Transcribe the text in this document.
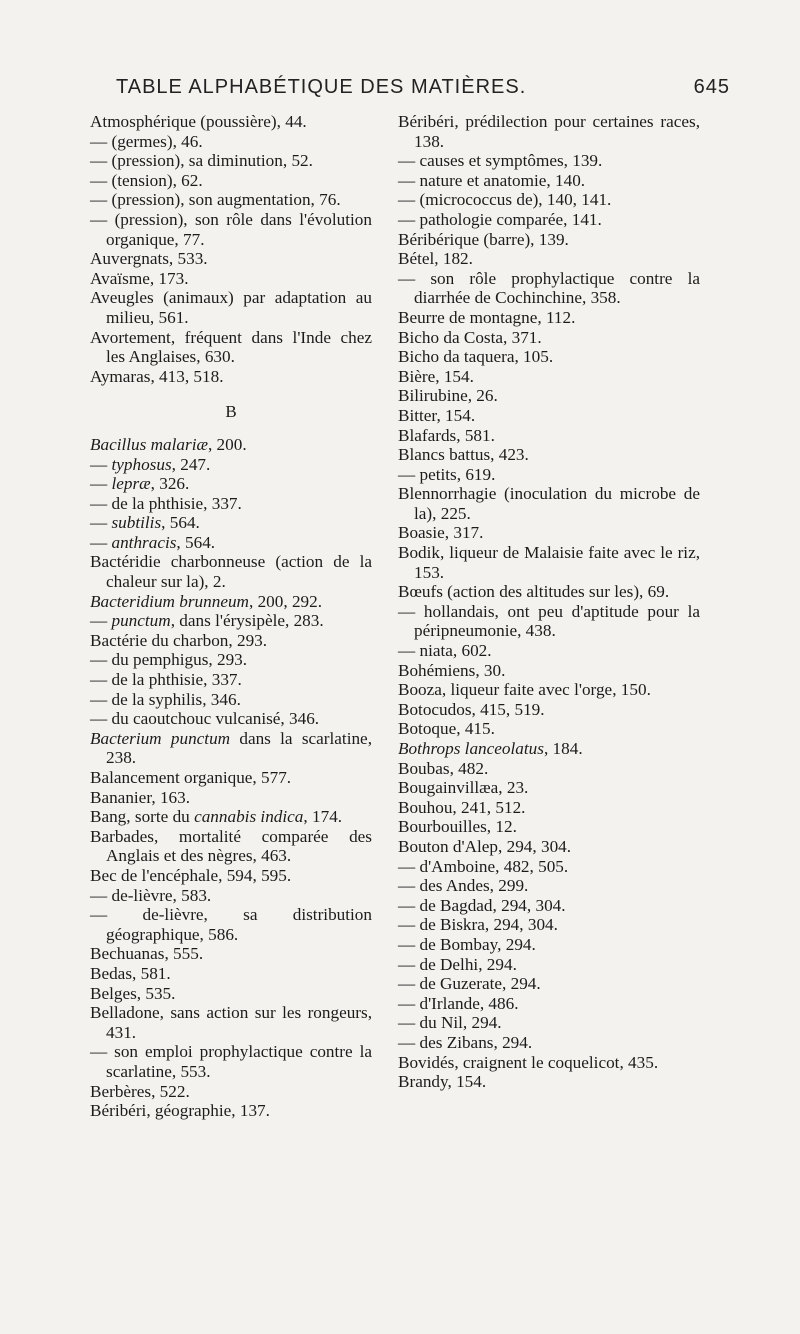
TABLE ALPHABÉTIQUE DES MATIÈRES.	645

Atmosphérique (poussière), 44.

— (germes), 46.

— (pression), sa diminution, 52.

— (tension), 62.

— (pression), son augmentation, 76.

— (pression), son rôle dans l'évolution organique, 77.

Auvergnats, 533.

Avaïsme, 173.

Aveugles (animaux) par adaptation au milieu, 561.

Avortement, fréquent dans l'Inde chez les Anglaises, 630.

Aymaras, 413, 518.

B

Bacillus malariæ, 200.

— typhosus, 247.

— lepræ, 326.

— de la phthisie, 337.

— subtilis, 564.

— anthracis, 564.

Bactéridie charbonneuse (action de la chaleur sur la), 2.

Bacteridium brunneum, 200, 292.

— punctum, dans l'érysipèle, 283.

Bactérie du charbon, 293.

— du pemphigus, 293.

— de la phthisie, 337.

— de la syphilis, 346.

— du caoutchouc vulcanisé, 346.

Bacterium punctum dans la scarlatine, 238.

Balancement organique, 577.

Bananier, 163.

Bang, sorte du cannabis indica, 174.

Barbades, mortalité comparée des Anglais et des nègres, 463.

Bec de l'encéphale, 594, 595.

— de-lièvre, 583.

— de-lièvre, sa distribution géographique, 586.

Bechuanas, 555.

Bedas, 581.

Belges, 535.

Belladone, sans action sur les rongeurs, 431.

— son emploi prophylactique contre la scarlatine, 553.

Berbères, 522.

Béribéri, géographie, 137.

Béribéri, prédilection pour certaines races, 138.

— causes et symptômes, 139.

— nature et anatomie, 140.

— (micrococcus de), 140, 141.

— pathologie comparée, 141.

Béribérique (barre), 139.

Bétel, 182.

— son rôle prophylactique contre la diarrhée de Cochinchine, 358.

Beurre de montagne, 112.

Bicho da Costa, 371.

Bicho da taquera, 105.

Bière, 154.

Bilirubine, 26.

Bitter, 154.

Blafards, 581.

Blancs battus, 423.

— petits, 619.

Blennorrhagie (inoculation du microbe de la), 225.

Boasie, 317.

Bodik, liqueur de Malaisie faite avec le riz, 153.

Bœufs (action des altitudes sur les), 69.

— hollandais, ont peu d'aptitude pour la péripneumonie, 438.

— niata, 602.

Bohémiens, 30.

Booza, liqueur faite avec l'orge, 150.

Botocudos, 415, 519.

Botoque, 415.

Bothrops lanceolatus, 184.

Boubas, 482.

Bougainvillæa, 23.

Bouhou, 241, 512.

Bourbouilles, 12.

Bouton d'Alep, 294, 304.

— d'Amboine, 482, 505.

— des Andes, 299.

— de Bagdad, 294, 304.

— de Biskra, 294, 304.

— de Bombay, 294.

— de Delhi, 294.

— de Guzerate, 294.

— d'Irlande, 486.

— du Nil, 294.

— des Zibans, 294.

Bovidés, craignent le coquelicot, 435.

Brandy, 154.
